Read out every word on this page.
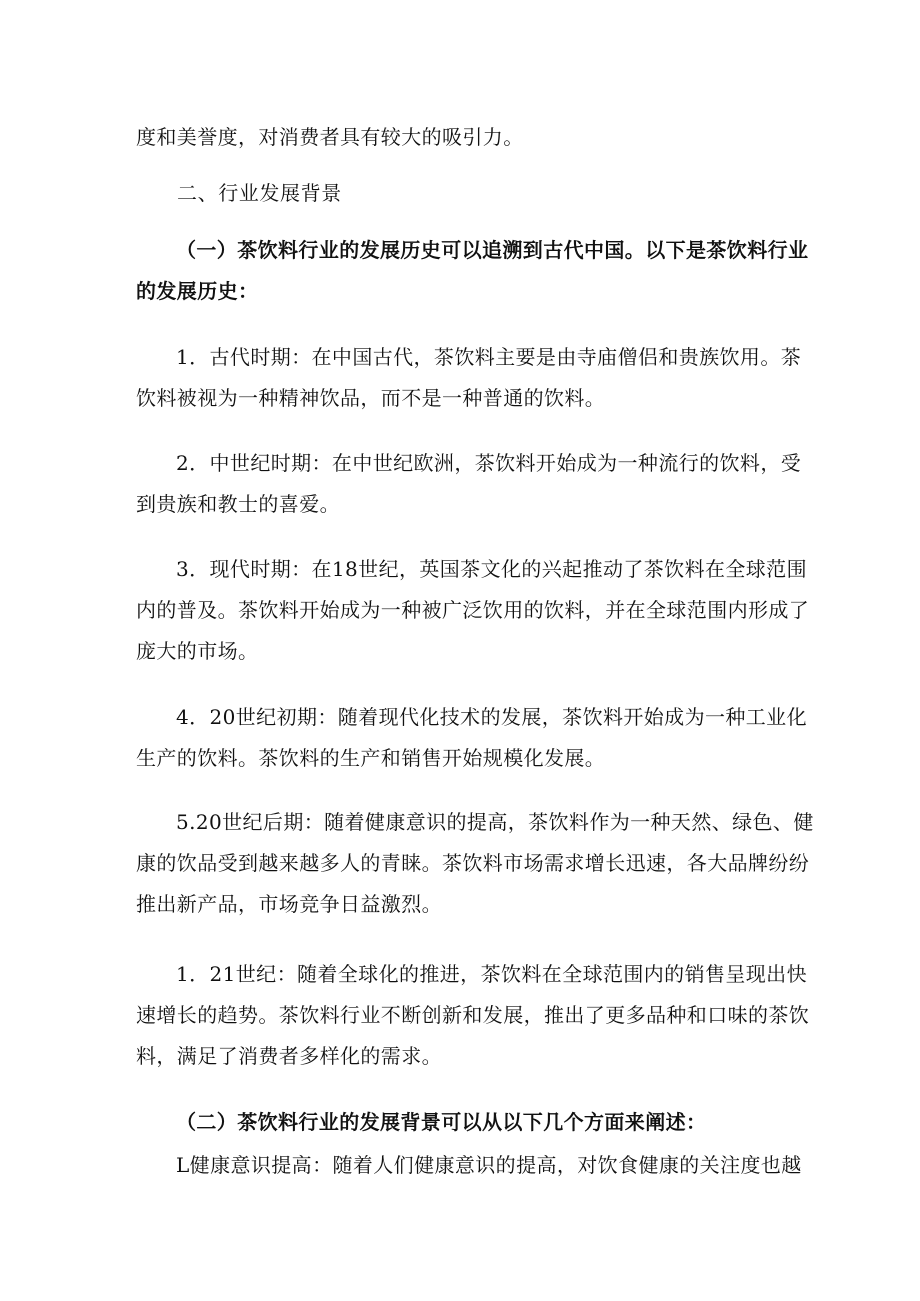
度和美誉度，对消费者具有较大的吸引力。

二、行业发展背景

（一）茶饮料行业的发展历史可以追溯到古代中国。以下是茶饮料行业的发展历史：

1．古代时期：在中国古代，茶饮料主要是由寺庙僧侣和贵族饮用。茶饮料被视为一种精神饮品，而不是一种普通的饮料。

2．中世纪时期：在中世纪欧洲，茶饮料开始成为一种流行的饮料，受到贵族和教士的喜爱。

3．现代时期：在18世纪，英国茶文化的兴起推动了茶饮料在全球范围内的普及。茶饮料开始成为一种被广泛饮用的饮料，并在全球范围内形成了庞大的市场。

4．20世纪初期：随着现代化技术的发展，茶饮料开始成为一种工业化生产的饮料。茶饮料的生产和销售开始规模化发展。

5.20世纪后期：随着健康意识的提高，茶饮料作为一种天然、绿色、健康的饮品受到越来越多人的青睐。茶饮料市场需求增长迅速，各大品牌纷纷推出新产品，市场竞争日益激烈。

1．21世纪：随着全球化的推进，茶饮料在全球范围内的销售呈现出快速增长的趋势。茶饮料行业不断创新和发展，推出了更多品种和口味的茶饮料，满足了消费者多样化的需求。

（二）茶饮料行业的发展背景可以从以下几个方面来阐述：

L健康意识提高：随着人们健康意识的提高，对饮食健康的关注度也越
